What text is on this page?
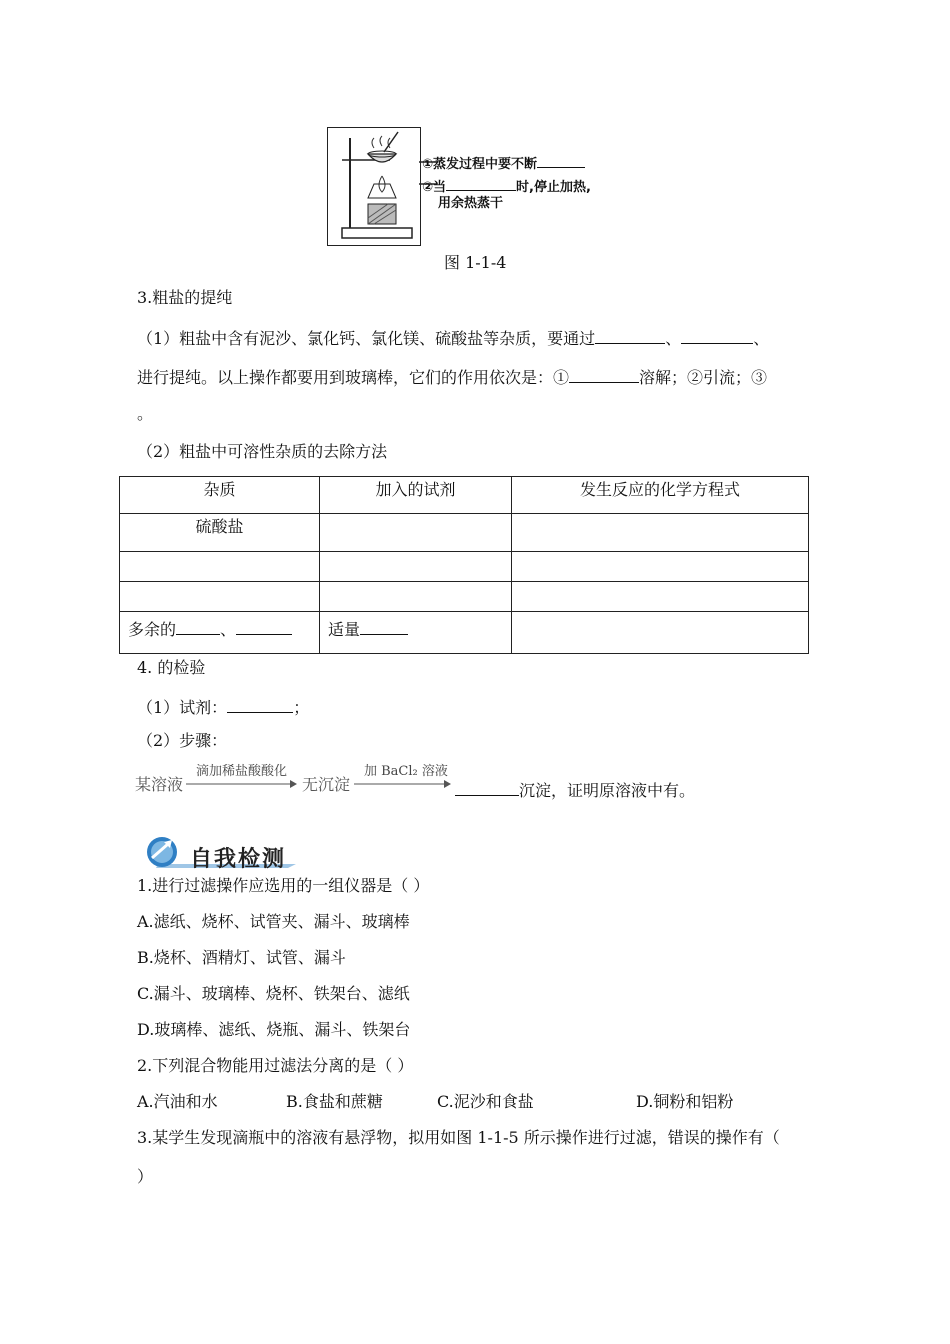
①蒸发过程中要不断
②当	时,停止加热,
用余热蒸干
图 1-1-4
3.粗盐的提纯
（1）粗盐中含有泥沙、氯化钙、氯化镁、硫酸盐等杂质，要通过	、	、
进行提纯。以上操作都要用到玻璃棒，它们的作用依次是：①	溶解；②引流；③
。
（2）粗盐中可溶性杂质的去除方法
杂质	加入的试剂	发生反应的化学方程式
硫酸盐		

多余的 、	适量	
4. 的检验
（1）试剂：	；
（2）步骤：
某溶液
滴加稀盐酸酸化
无沉淀
加 BaCl₂ 溶液
沉淀，证明原溶液中有。
自我检测
1.进行过滤操作应选用的一组仪器是（ ）
A.滤纸、烧杯、试管夹、漏斗、玻璃棒
B.烧杯、酒精灯、试管、漏斗
C.漏斗、玻璃棒、烧杯、铁架台、滤纸
D.玻璃棒、滤纸、烧瓶、漏斗、铁架台
2.下列混合物能用过滤法分离的是（ ）
A.汽油和水	B.食盐和蔗糖	C.泥沙和食盐	D.铜粉和铝粉
3.某学生发现滴瓶中的溶液有悬浮物，拟用如图 1-1-5 所示操作进行过滤，错误的操作有（
）
